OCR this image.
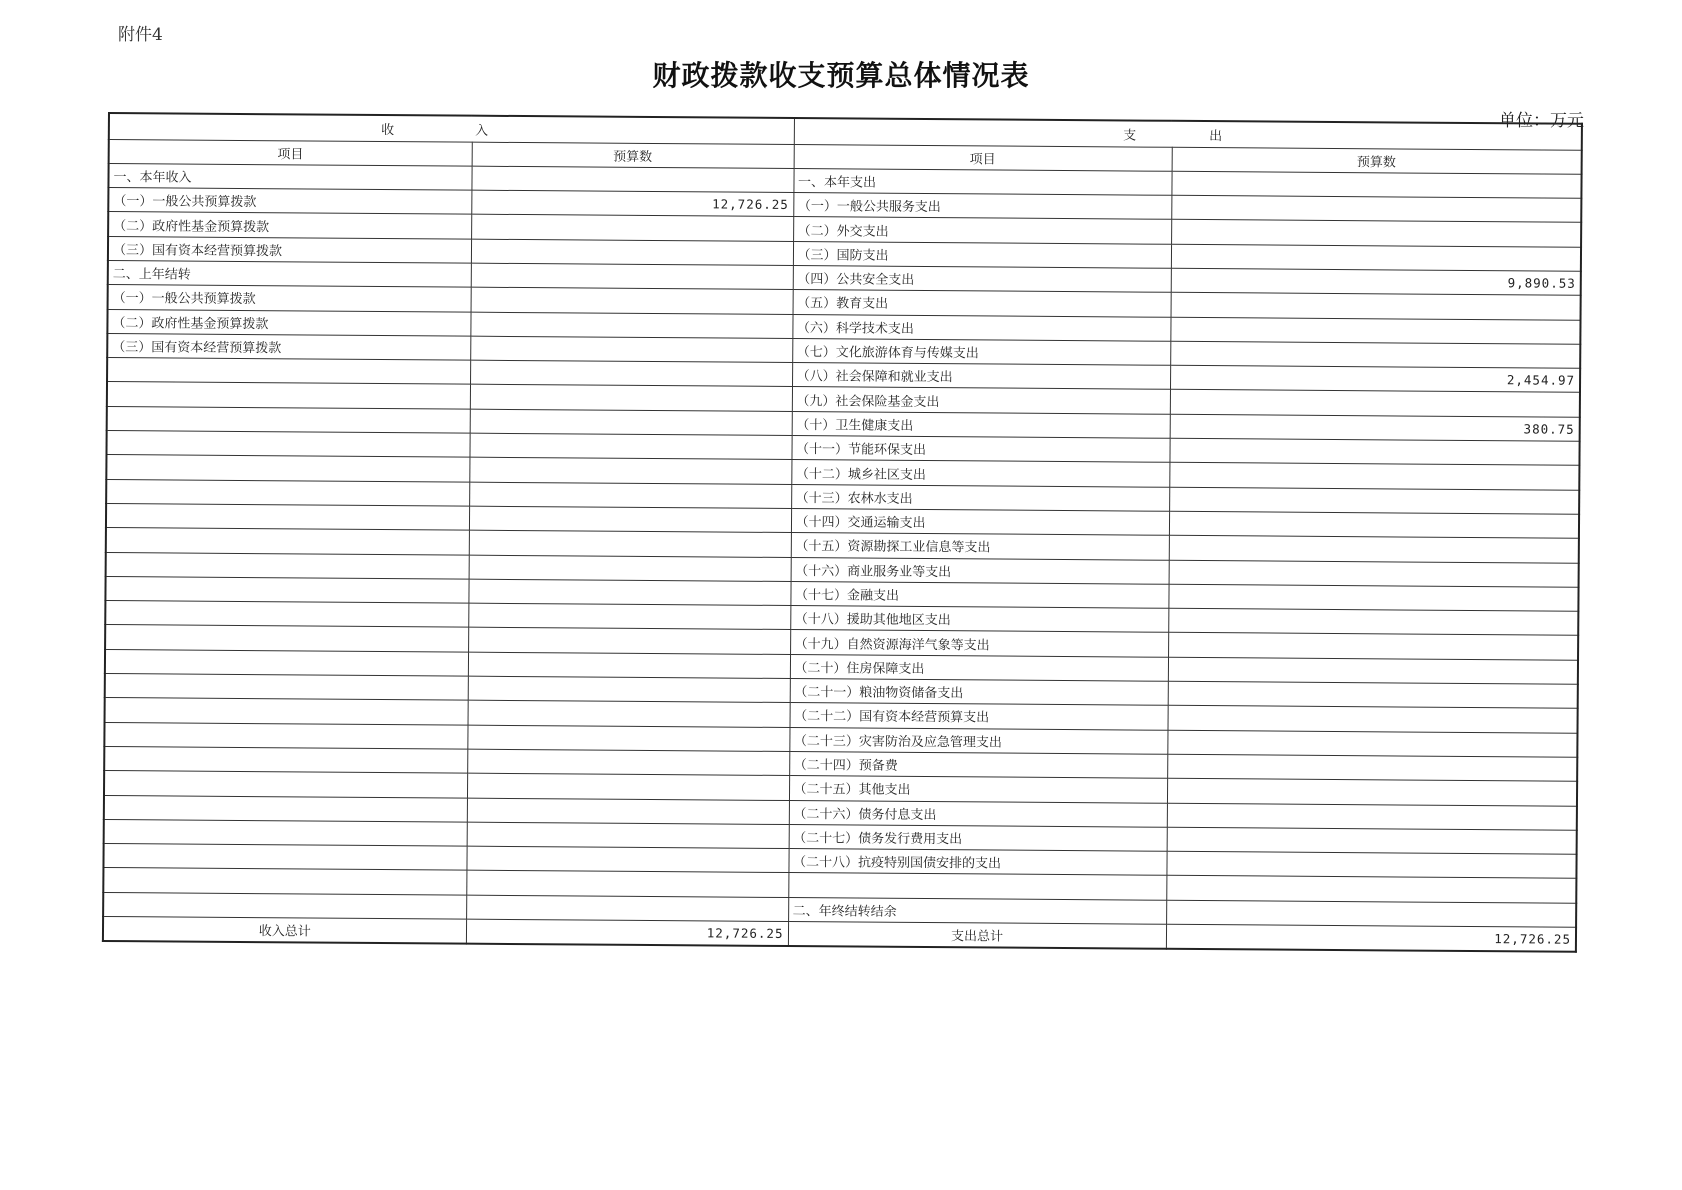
附件4
财政拨款收支预算总体情况表
单位：万元
收　入		支　出	
项目	预算数	项目	预算数
一、本年收入		一、本年支出	
（一）一般公共预算拨款	12,726.25	（一）一般公共服务支出	
（二）政府性基金预算拨款		（二）外交支出	
（三）国有资本经营预算拨款		（三）国防支出	
二、上年结转		（四）公共安全支出	9,890.53
（一）一般公共预算拨款		（五）教育支出	
（二）政府性基金预算拨款		（六）科学技术支出	
（三）国有资本经营预算拨款		（七）文化旅游体育与传媒支出	
		（八）社会保障和就业支出	2,454.97
		（九）社会保险基金支出	
		（十）卫生健康支出	380.75
		（十一）节能环保支出	
		（十二）城乡社区支出	
		（十三）农林水支出	
		（十四）交通运输支出	
		（十五）资源勘探工业信息等支出	
		（十六）商业服务业等支出	
		（十七）金融支出	
		（十八）援助其他地区支出	
		（十九）自然资源海洋气象等支出	
		（二十）住房保障支出	
		（二十一）粮油物资储备支出	
		（二十二）国有资本经营预算支出	
		（二十三）灾害防治及应急管理支出	
		（二十四）预备费	
		（二十五）其他支出	
		（二十六）债务付息支出	
		（二十七）债务发行费用支出	
		（二十八）抗疫特别国债安排的支出	

		二、年终结转结余	
收入总计	12,726.25	支出总计	12,726.25
